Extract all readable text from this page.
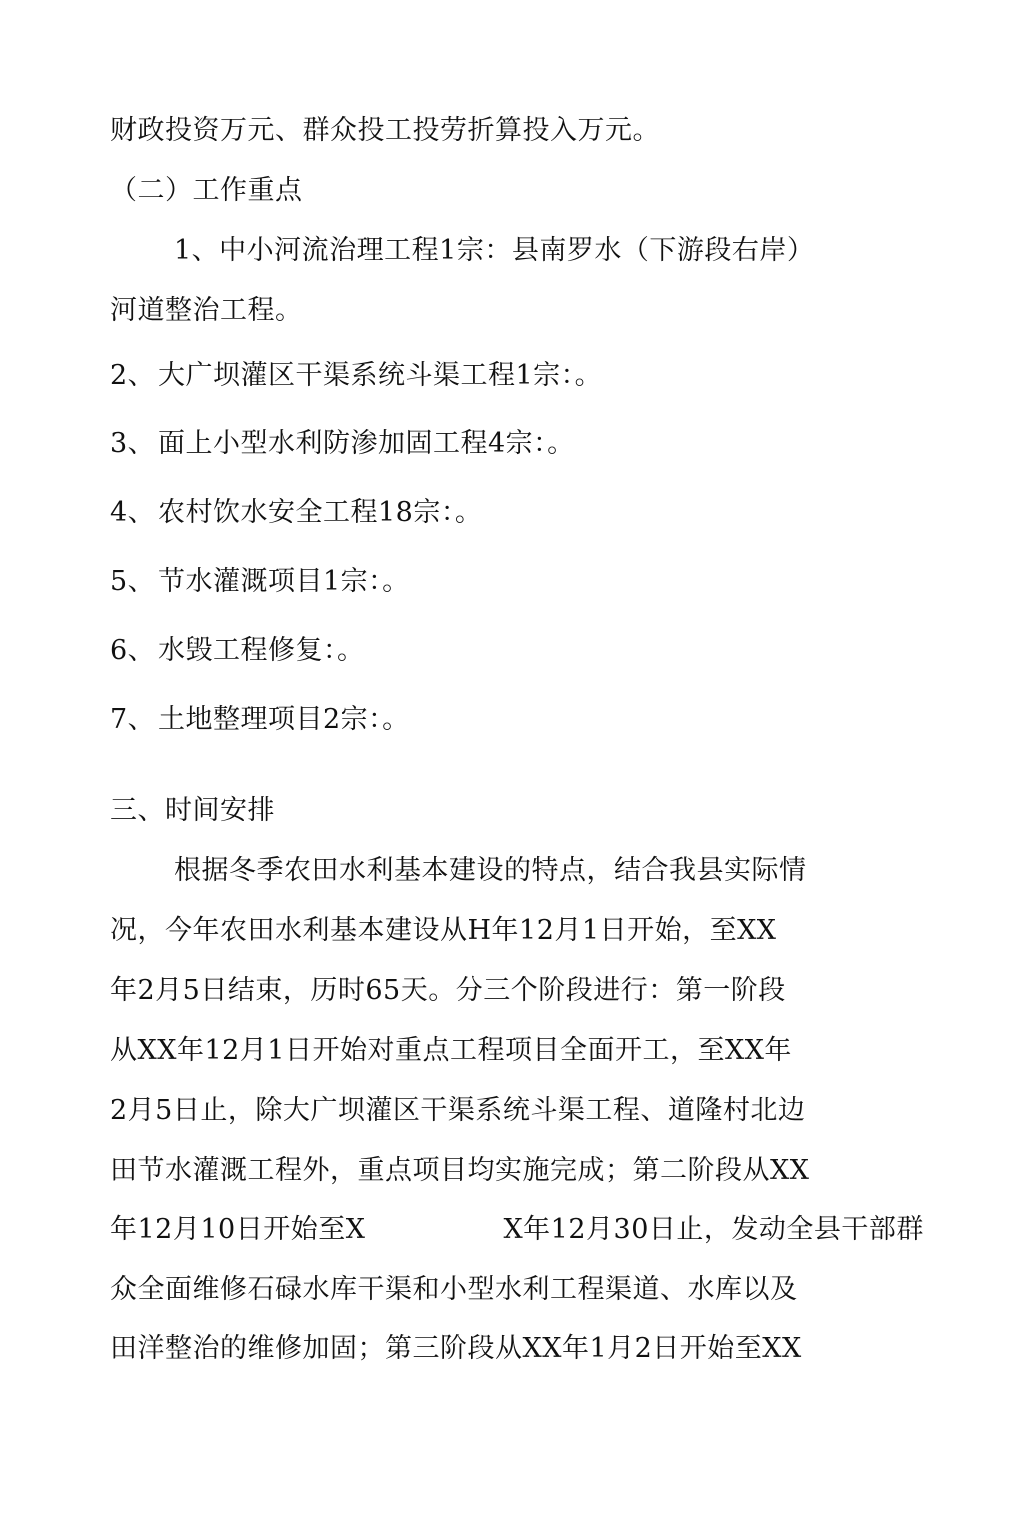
财政投资万元、群众投工投劳折算投入万元。
（二）工作重点
1、中小河流治理工程1宗：县南罗水（下游段右岸）
河道整治工程。
2、 大广坝灌区干渠系统斗渠工程1宗：。
3、 面上小型水利防渗加固工程4宗：。
4、 农村饮水安全工程18宗：。
5、 节水灌溉项目1宗：。
6、 水毁工程修复：。
7、 土地整理项目2宗：。
三、时间安排
根据冬季农田水利基本建设的特点，结合我县实际情
况，今年农田水利基本建设从H年12月1日开始，至XX
年2月5日结束，历时65天。分三个阶段进行：第一阶段
从XX年12月1日开始对重点工程项目全面开工，至XX年
2月5日止，除大广坝灌区干渠系统斗渠工程、道隆村北边
田节水灌溉工程外，重点项目均实施完成；第二阶段从XX
年12月10日开始至X	X年12月30日止，发动全县干部群
众全面维修石碌水库干渠和小型水利工程渠道、水库以及
田洋整治的维修加固；第三阶段从XX年1月2日开始至XX
